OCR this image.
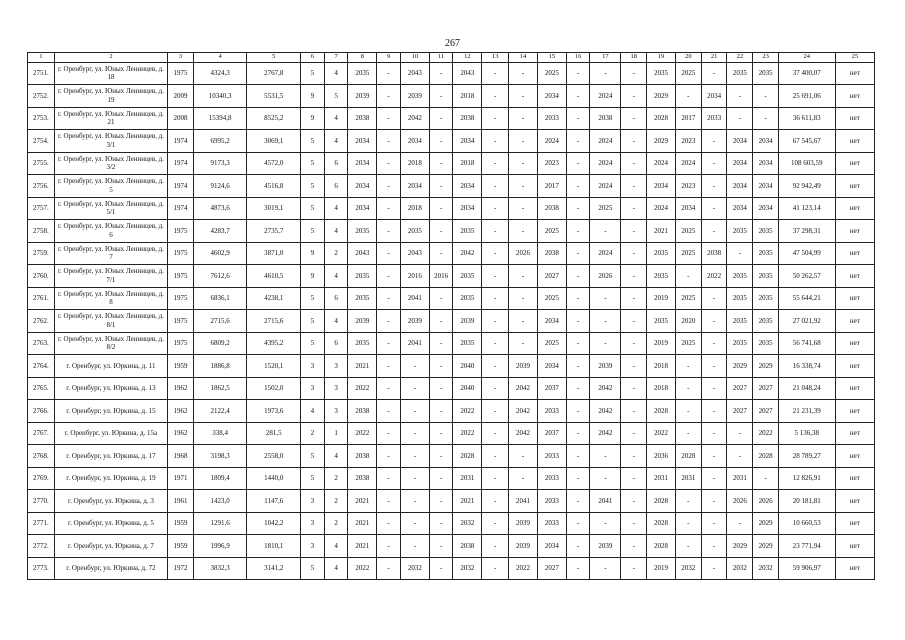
267
1	2	3	4	5	6	7	8	9	10	11	12	13	14	15	16	17	18	19	20	21	22	23	24	25
2751.	г. Оренбург, ул. Юных Ленинцев, д. 18	1975	4324,3	2767,8	5	4	2035	-	2043	-	2043	-	-	2025	-	-	-	2035	2025	-	2035	2035	37 400,07	нет
2752.	г. Оренбург, ул. Юных Ленинцев, д. 19	2009	10340,3	5531,5	9	5	2039	-	2039	-	2018	-	-	2034	-	2024	-	2029	-	2034	-	-	25 691,06	нет
2753.	г. Оренбург, ул. Юных Ленинцев, д. 21	2008	15394,8	8525,2	9	4	2038	-	2042	-	2038	-	-	2033	-	2038	-	2028	2017	2033	-	-	36 611,83	нет
2754.	г. Оренбург, ул. Юных Ленинцев, д. 3/1	1974	6995,2	3069,1	5	4	2034	-	2034	-	2034	-	-	2024	-	2024	-	2029	2023	-	2034	2034	67 545,67	нет
2755.	г. Оренбург, ул. Юных Ленинцев, д. 3/2	1974	9173,3	4572,0	5	6	2034	-	2018	-	2018	-	-	2023	-	2024	-	2024	2024	-	2034	2034	108 603,59	нет
2756.	г. Оренбург, ул. Юных Ленинцев, д. 5	1974	9124,6	4516,8	5	6	2034	-	2034	-	2034	-	-	2017	-	2024	-	2034	2023	-	2034	2034	92 942,49	нет
2757.	г. Оренбург, ул. Юных Ленинцев, д. 5/1	1974	4873,6	3019,1	5	4	2034	-	2018	-	2034	-	-	2038	-	2025	-	2024	2034	-	2034	2034	41 123,14	нет
2758.	г. Оренбург, ул. Юных Ленинцев, д. 6	1975	4283,7	2735,7	5	4	2035	-	2035	-	2035	-	-	2025	-	-	-	2021	2025	-	2035	2035	37 298,31	нет
2759.	г. Оренбург, ул. Юных Ленинцев, д. 7	1975	4602,9	3871,0	9	2	2043	-	2043	-	2042	-	2026	2038	-	2024	-	2035	2025	2038	-	2035	47 504,99	нет
2760.	г. Оренбург, ул. Юных Ленинцев, д. 7/1	1975	7612,6	4610,5	9	4	2035	-	2016	2016	2035	-	-	2027	-	2026	-	2035	-	2022	2035	2035	50 262,57	нет
2761.	г. Оренбург, ул. Юных Ленинцев, д. 8	1975	6836,1	4238,1	5	6	2035	-	2041	-	2035	-	-	2025	-	-	-	2019	2025	-	2035	2035	55 644,21	нет
2762.	г. Оренбург, ул. Юных Ленинцев, д. 8/1	1975	2715,6	2715,6	5	4	2039	-	2039	-	2039	-	-	2034	-	-	-	2035	2020	-	2035	2035	27 021,92	нет
2763.	г. Оренбург, ул. Юных Ленинцев, д. 8/2	1975	6809,2	4395,2	5	6	2035	-	2041	-	2035	-	-	2025	-	-	-	2019	2025	-	2035	2035	56 741,68	нет
2764.	г. Оренбург, ул. Юркина, д. 11	1959	1886,8	1520,1	3	3	2021	-	-	-	2040	-	2039	2034	-	2039	-	2018	-	-	2029	2029	16 338,74	нет
2765.	г. Оренбург, ул. Юркина, д. 13	1962	1862,5	1502,0	3	3	2022	-	-	-	2040	-	2042	2037	-	2042	-	2018	-	-	2027	2027	21 048,24	нет
2766.	г. Оренбург, ул. Юркина, д. 15	1962	2122,4	1973,6	4	3	2038	-	-	-	2022	-	2042	2033	-	2042	-	2028	-	-	2027	2027	21 231,39	нет
2767.	г. Оренбург, ул. Юркина, д. 15а	1962	338,4	281,5	2	1	2022	-	-	-	2022	-	2042	2037	-	2042	-	2022	-	-	-	2022	5 136,38	нет
2768.	г. Оренбург, ул. Юркина, д. 17	1968	3198,3	2558,0	5	4	2038	-	-	-	2028	-	-	2033	-	-	-	2036	2028	-	-	2028	28 789,27	нет
2769.	г. Оренбург, ул. Юркина, д. 19	1971	1809,4	1440,0	5	2	2038	-	-	-	2031	-	-	2033	-	-	-	2031	2031	-	2031	-	12 826,91	нет
2770.	г. Оренбург, ул. Юркина, д. 3	1961	1423,0	1147,6	3	2	2021	-	-	-	2021	-	2041	2033	-	2041	-	2028	-	-	2026	2026	20 181,81	нет
2771.	г. Оренбург, ул. Юркина, д. 5	1959	1291,6	1042,2	3	2	2021	-	-	-	2032	-	2039	2033	-	-	-	2028	-	-	-	2029	10 660,53	нет
2772.	г. Оренбург, ул. Юркина, д. 7	1959	1996,9	1810,1	3	4	2021	-	-	-	2038	-	2039	2034	-	2039	-	2028	-	-	2029	2029	23 771,94	нет
2773.	г. Оренбург, ул. Юркина, д. 72	1972	3832,3	3141,2	5	4	2022	-	2032	-	2032	-	2022	2027	-	-	-	2019	2032	-	2032	2032	59 906,97	нет
